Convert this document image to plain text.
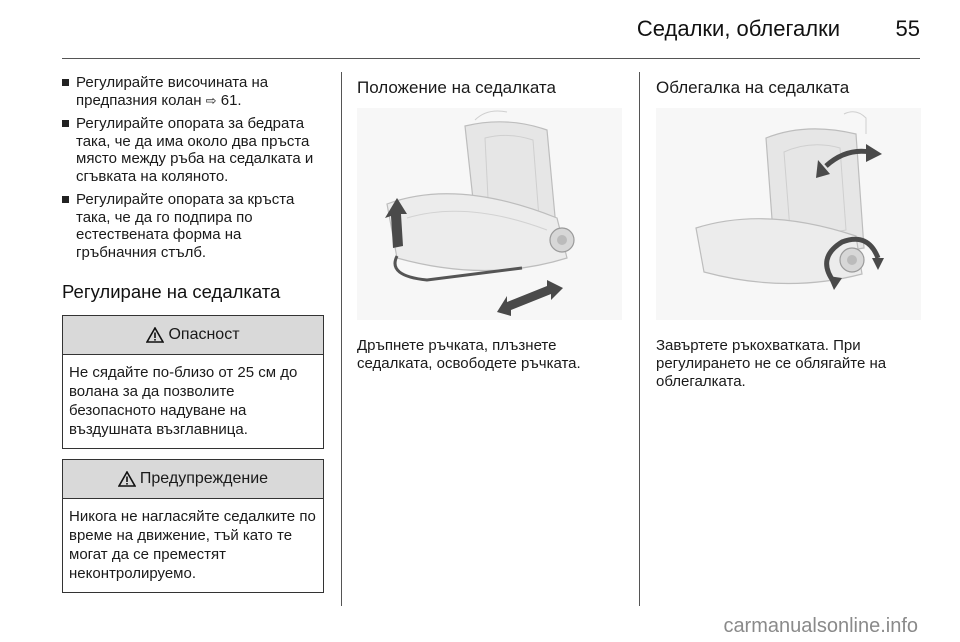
Седалки, облегалки	55
Регулирайте височината на предпазния колан ⇨ 61.
Регулирайте опората за бедрата така, че да има около два пръста място между ръба на седалката и сгъвката на коляното.
Регулирайте опората за кръста така, че да го подпира по естествената форма на гръбначния стълб.
Регулиране на седалката
Опасност
Не сядайте по-близо от 25 см до волана за да позволите безопасното надуване на въздушната възглавница.
Предупреждение
Никога не нагласяйте седалките по време на движение, тъй като те могат да се преместят неконтролируемо.
Положение на седалката
Дръпнете ръчката, плъзнете седалката, освободете ръчката.
Облегалка на седалката
Завъртете ръкохватката. При регулирането не се облягайте на облегалката.
carmanualsonline.info
